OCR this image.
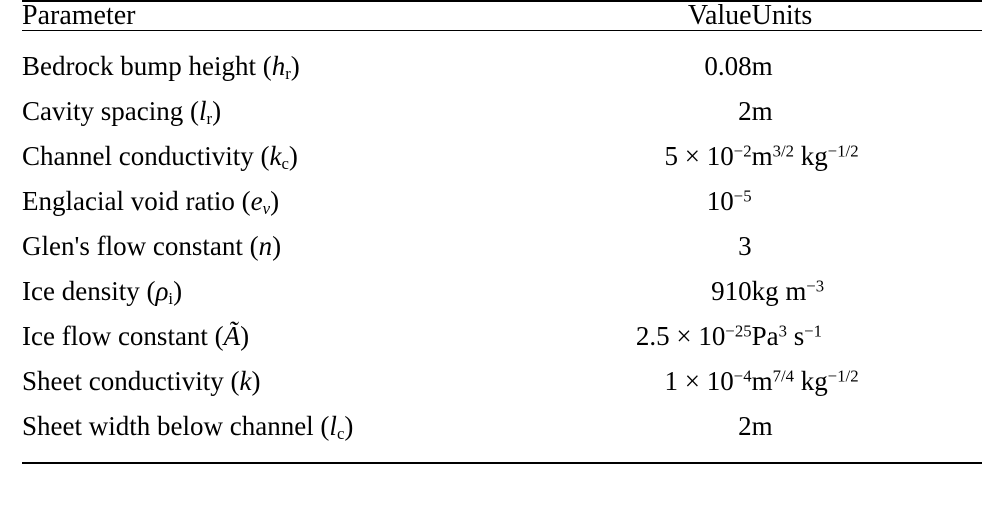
Parameter	Value	Units

Bedrock bump height $(h_r)$	0.08	m
Cavity spacing $(l_r)$	2	m
Channel conductivity $(k_c)$	$5 \times 10^{-2}$	$m^{3/2}$ $kg^{-1/2}$
Englacial void ratio $(e_v)$	$10^{-5}$	
Glen's flow constant (n)	3	
Ice density $(\rho_i)$	910	kg $m^{-3}$
Ice flow constant (Ã)	$2.5 \times 10^{-25}$	Pa$^3$ $s^{-1}$
Sheet conductivity (k)	$1 \times 10^{-4}$	$m^{7/4}$ $kg^{-1/2}$
Sheet width below channel $(l_c)$	2	m
